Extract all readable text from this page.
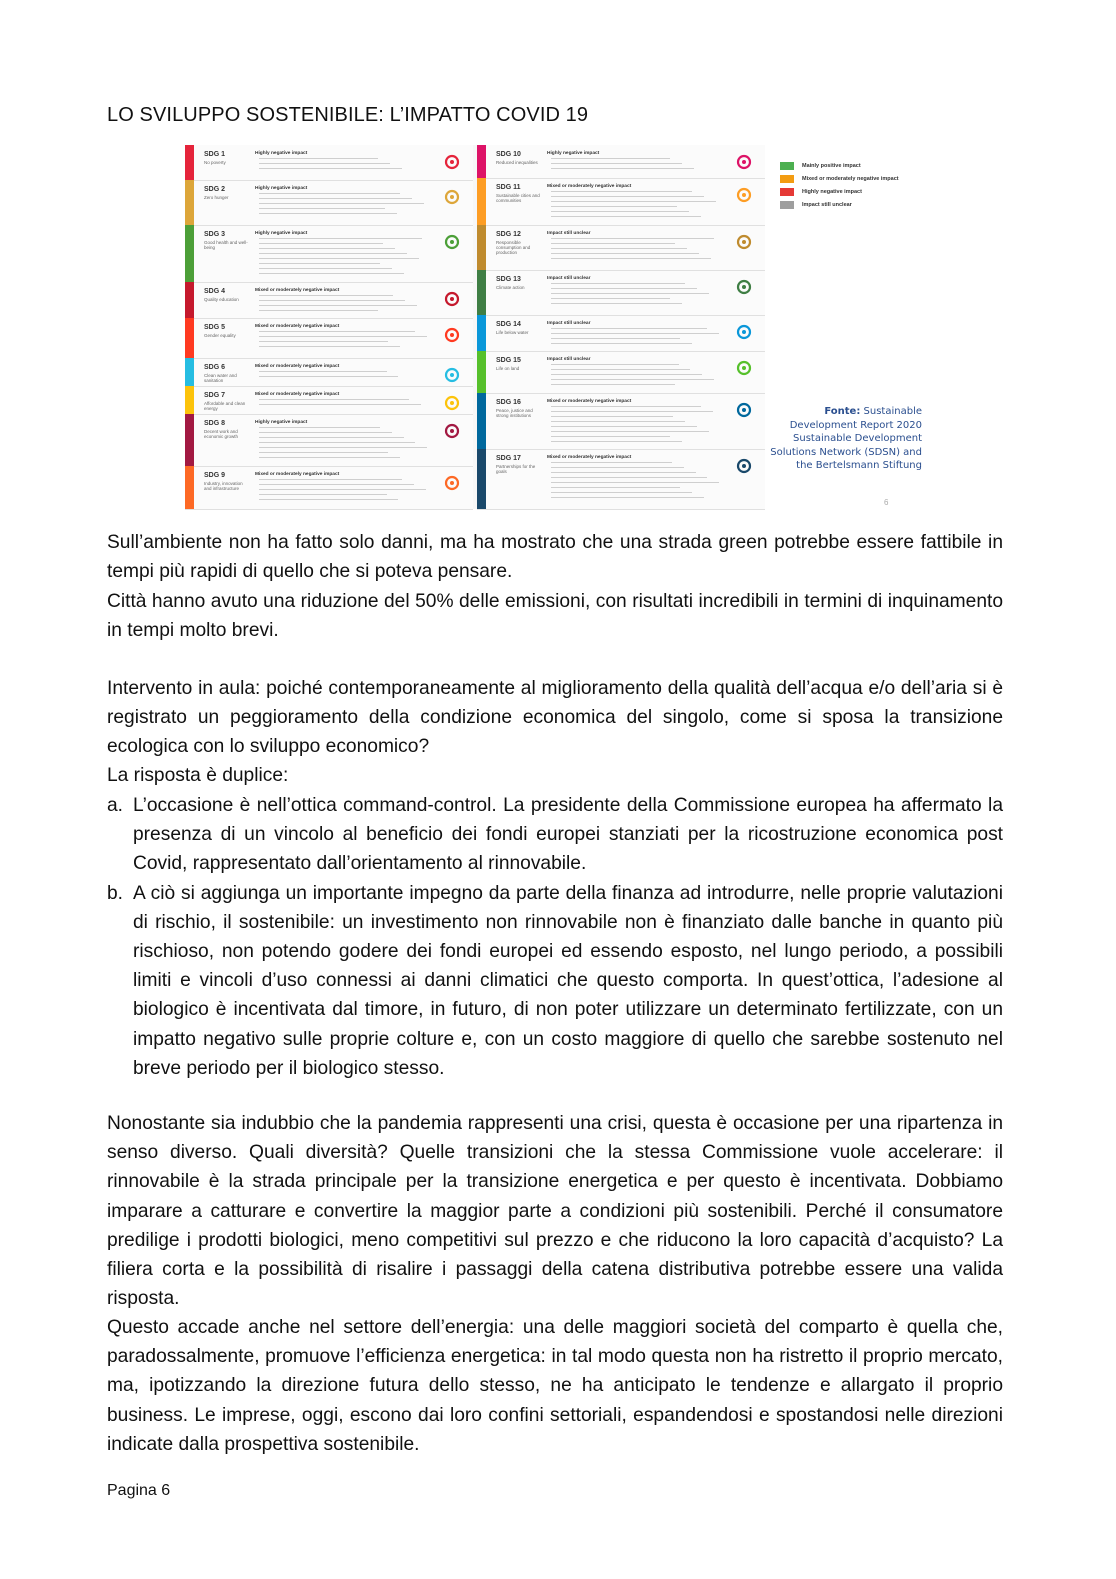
LO SVILUPPO SOSTENIBILE: L’IMPATTO COVID 19
SDG 1
No poverty
Highly negative impact
SDG 2
Zero hunger
Highly negative impact
SDG 3
Good health and well-being
Highly negative impact
SDG 4
Quality education
Mixed or moderately negative impact
SDG 5
Gender equality
Mixed or moderately negative impact
SDG 6
Clean water and sanitation
Mixed or moderately negative impact
SDG 7
Affordable and clean energy
Mixed or moderately negative impact
SDG 8
Decent work and economic growth
Highly negative impact
SDG 9
Industry, innovation and infrastructure
Mixed or moderately negative impact
SDG 10
Reduced inequalities
Highly negative impact
SDG 11
Sustainable cities and communities
Mixed or moderately negative impact
SDG 12
Responsible consumption and production
Impact still unclear
SDG 13
Climate action
Impact still unclear
SDG 14
Life below water
Impact still unclear
SDG 15
Life on land
Impact still unclear
SDG 16
Peace, justice and strong institutions
Mixed or moderately negative impact
SDG 17
Partnerships for the goals
Mixed or moderately negative impact
Mainly positive impact
Mixed or moderately negative impact
Highly negative impact
Impact still unclear
Fonte: Sustainable Development Report 2020 Sustainable Development Solutions Network (SDSN) and the Bertelsmann Stiftung
6

Sull’ambiente non ha fatto solo danni, ma ha mostrato che una strada green potrebbe essere fattibile in tempi più rapidi di quello che si poteva pensare.

Città hanno avuto una riduzione del 50% delle emissioni, con risultati incredibili in termini di inquinamento in tempi molto brevi.

Intervento in aula: poiché contemporaneamente al miglioramento della qualità dell’acqua e/o dell’aria si è registrato un peggioramento della condizione economica del singolo, come si sposa la transizione ecologica con lo sviluppo economico?

La risposta è duplice:

a. L’occasione è nell’ottica command-control. La presidente della Commissione europea ha affermato la presenza di un vincolo al beneficio dei fondi europei stanziati per la ricostruzione economica post Covid, rappresentato dall’orientamento al rinnovabile.
b. A ciò si aggiunga un importante impegno da parte della finanza ad introdurre, nelle proprie valutazioni di rischio, il sostenibile: un investimento non rinnovabile non è finanziato dalle banche in quanto più rischioso, non potendo godere dei fondi europei ed essendo esposto, nel lungo periodo, a possibili limiti e vincoli d’uso connessi ai danni climatici che questo comporta. In quest’ottica, l’adesione al biologico è incentivata dal timore, in futuro, di non poter utilizzare un determinato fertilizzate, con un impatto negativo sulle proprie colture e, con un costo maggiore di quello che sarebbe sostenuto nel breve periodo per il biologico stesso.

Nonostante sia indubbio che la pandemia rappresenti una crisi, questa è occasione per una ripartenza in senso diverso. Quali diversità? Quelle transizioni che la stessa Commissione vuole accelerare: il rinnovabile è la strada principale per la transizione energetica e per questo è incentivata. Dobbiamo imparare a catturare e convertire la maggior parte a condizioni più sostenibili. Perché il consumatore predilige i prodotti biologici, meno competitivi sul prezzo e che riducono la loro capacità d’acquisto? La filiera corta e la possibilità di risalire i passaggi della catena distributiva potrebbe essere una valida risposta.

Questo accade anche nel settore dell’energia: una delle maggiori società del comparto è quella che, paradossalmente, promuove l’efficienza energetica: in tal modo questa non ha ristretto il proprio mercato, ma, ipotizzando la direzione futura dello stesso, ne ha anticipato le tendenze e allargato il proprio business. Le imprese, oggi, escono dai loro confini settoriali, espandendosi e spostandosi nelle direzioni indicate dalla prospettiva sostenibile.

Pagina 6
